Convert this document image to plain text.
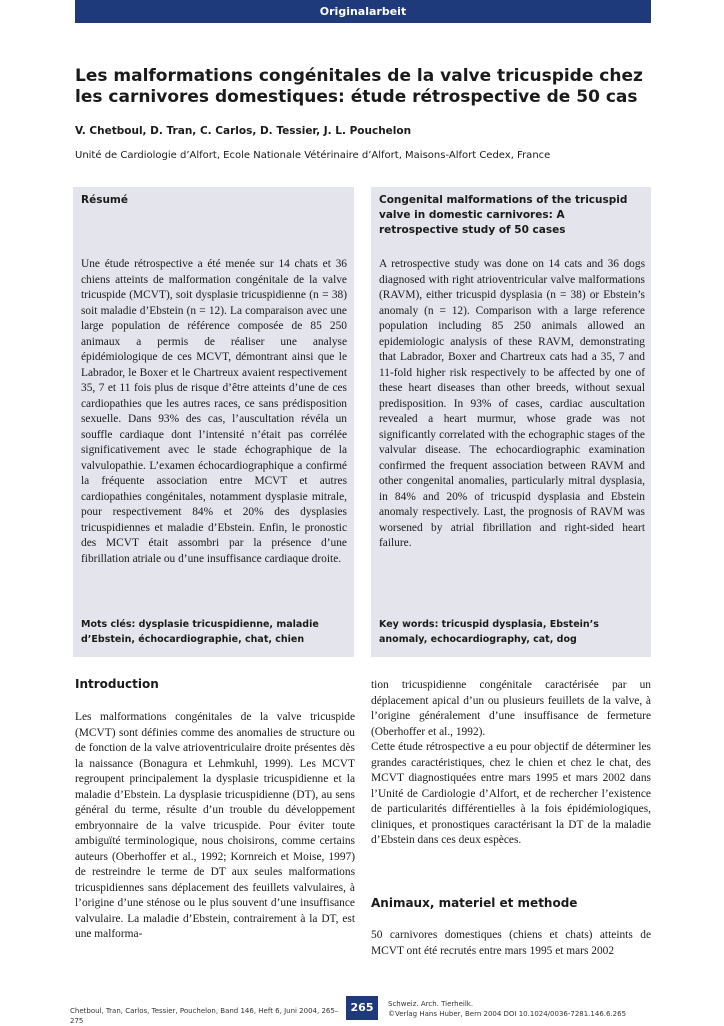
Originalarbeit
Les malformations congénitales de la valve tricuspide chez les carnivores domestiques: étude rétrospective de 50 cas
V. Chetboul, D. Tran, C. Carlos, D. Tessier, J. L. Pouchelon
Unité de Cardiologie d’Alfort, Ecole Nationale Vétérinaire d’Alfort, Maisons-Alfort Cedex, France
Résumé

Une étude rétrospective a été menée sur 14 chats et 36 chiens atteints de malformation congénitale de la valve tricuspide (MCVT), soit dysplasie tricuspidienne (n = 38) soit maladie d’Ebstein (n = 12). La comparaison avec une large population de référence composée de 85 250 animaux a permis de réaliser une analyse épidémiologique de ces MCVT, démontrant ainsi que le Labrador, le Boxer et le Chartreux avaient respectivement 35, 7 et 11 fois plus de risque d’être atteints d’une de ces cardiopathies que les autres races, ce sans prédisposition sexuelle. Dans 93% des cas, l’auscultation révéla un souffle cardiaque dont l’intensité n’était pas corrélée significativement avec le stade échographique de la valvulopathie. L’examen échocardiographique a confirmé la fréquente association entre MCVT et autres cardiopathies congénitales, notamment dysplasie mitrale, pour respectivement 84% et 20% des dysplasies tricuspidiennes et maladie d’Ebstein. Enfin, le pronostic des MCVT était assombri par la présence d’une fibrillation atriale ou d’une insuffisance cardiaque droite.

Mots clés: dysplasie tricuspidienne, maladie d’Ebstein, échocardiographie, chat, chien

Congenital malformations of the tricuspid valve in domestic carnivores: A retrospective study of 50 cases

A retrospective study was done on 14 cats and 36 dogs diagnosed with right atrioventricular valve malformations (RAVM), either tricuspid dysplasia (n = 38) or Ebstein’s anomaly (n = 12). Comparison with a large reference population including 85 250 animals allowed an epidemiologic analysis of these RAVM, demonstrating that Labrador, Boxer and Chartreux cats had a 35, 7 and 11-fold higher risk respectively to be affected by one of these heart diseases than other breeds, without sexual predisposition. In 93% of cases, cardiac auscultation revealed a heart murmur, whose grade was not significantly correlated with the echographic stages of the valvular disease. The echocardiographic examination confirmed the frequent association between RAVM and other congenital anomalies, particularly mitral dysplasia, in 84% and 20% of tricuspid dysplasia and Ebstein anomaly respectively. Last, the prognosis of RAVM was worsened by atrial fibrillation and right-sided heart failure.

Key words: tricuspid dysplasia, Ebstein’s anomaly, echocardiography, cat, dog

Introduction

Les malformations congénitales de la valve tricuspide (MCVT) sont définies comme des anomalies de structure ou de fonction de la valve atrioventriculaire droite présentes dès la naissance (Bonagura et Lehmkuhl, 1999). Les MCVT regroupent principalement la dysplasie tricuspidienne et la maladie d’Ebstein. La dysplasie tricuspidienne (DT), au sens général du terme, résulte d’un trouble du développement embryonnaire de la valve tricuspide. Pour éviter toute ambiguïté terminologique, nous choisirons, comme certains auteurs (Oberhoffer et al., 1992; Kornreich et Moise, 1997) de restreindre le terme de DT aux seules malformations tricuspidiennes sans déplacement des feuillets valvulaires, à l’origine d’une sténose ou le plus souvent d’une insuffisance valvulaire. La maladie d’Ebstein, contrairement à la DT, est une malforma-

tion tricuspidienne congénitale caractérisée par un déplacement apical d’un ou plusieurs feuillets de la valve, à l’origine généralement d’une insuffisance de fermeture (Oberhoffer et al., 1992).

Cette étude rétrospective a eu pour objectif de déterminer les grandes caractéristiques, chez le chien et chez le chat, des MCVT diagnostiquées entre mars 1995 et mars 2002 dans l’Unité de Cardiologie d’Alfort, et de rechercher l’existence de particularités différentielles à la fois épidémiologiques, cliniques, et pronostiques caractérisant la DT de la maladie d’Ebstein dans ces deux espèces.

Animaux, materiel et methode

50 carnivores domestiques (chiens et chats) atteints de MCVT ont été recrutés entre mars 1995 et mars 2002

Chetboul, Tran, Carlos, Tessier, Pouchelon, Band 146, Heft 6, Juni 2004, 265–275
265	Schweiz. Arch. Tierheilk.
©Verlag Hans Huber, Bern 2004 DOI 10.1024/0036-7281.146.6.265
